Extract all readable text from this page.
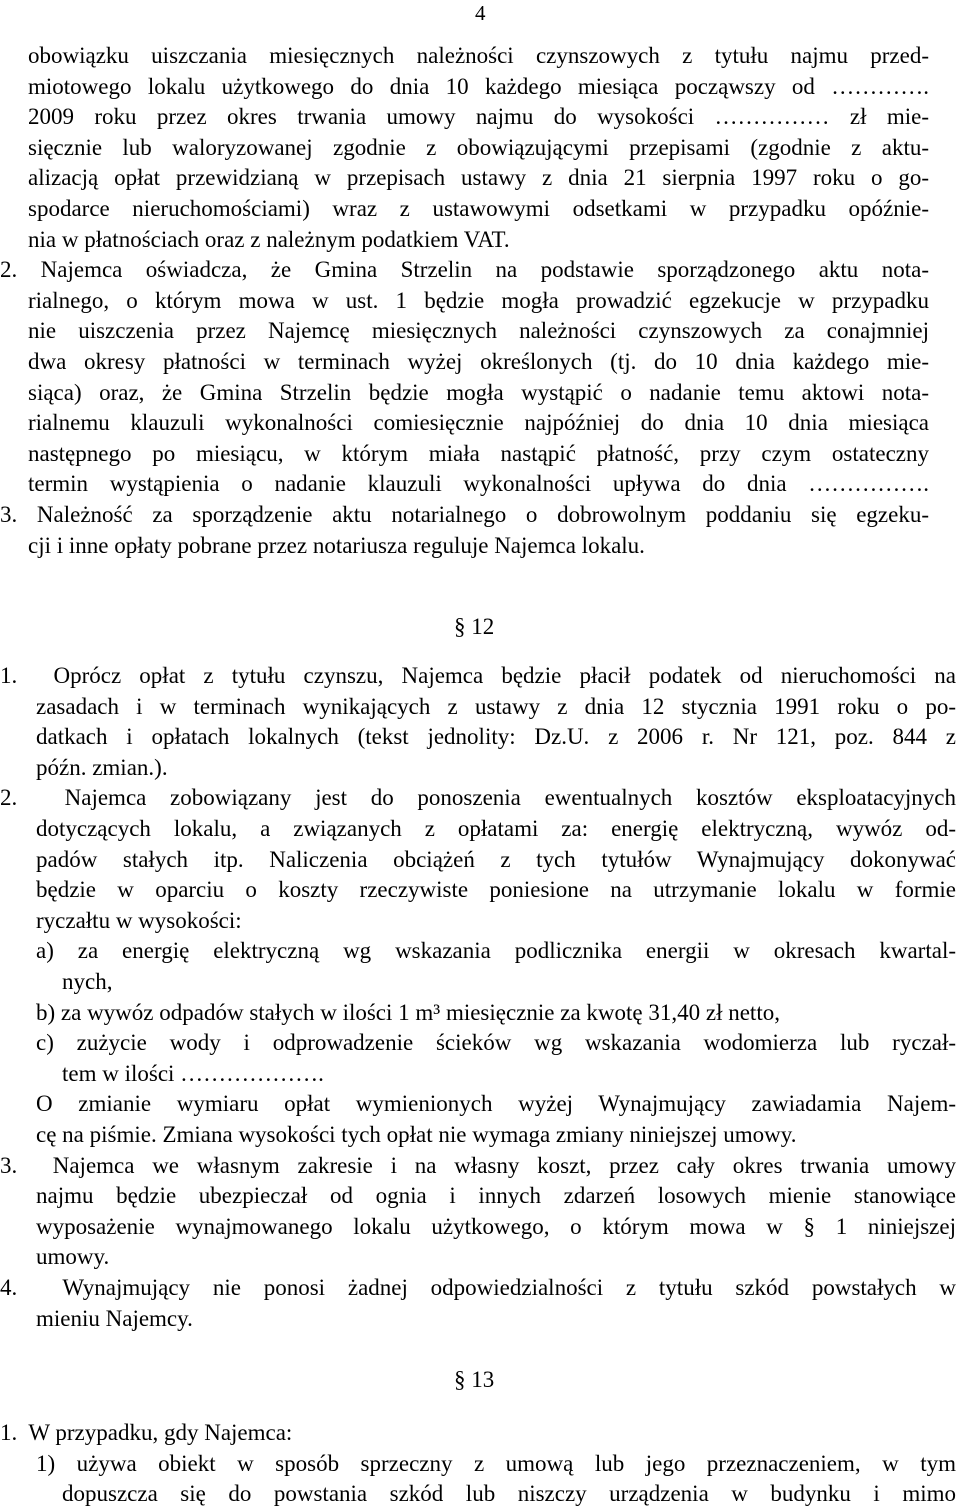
4
obowiązku uiszczania miesięcznych należności czynszowych z tytułu najmu przed-
miotowego lokalu użytkowego do dnia 10 każdego miesiąca począwszy od ………….
2009 roku przez okres trwania umowy najmu do wysokości …………… zł mie-
sięcznie lub waloryzowanej zgodnie z obowiązującymi przepisami (zgodnie z aktu-
alizacją opłat przewidzianą w przepisach ustawy z dnia 21 sierpnia 1997 roku o go-
spodarce nieruchomościami) wraz z ustawowymi odsetkami w przypadku opóźnie-
nia w płatnościach oraz z należnym podatkiem VAT.
2. Najemca oświadcza, że Gmina Strzelin na podstawie sporządzonego aktu nota-
rialnego, o którym mowa w ust. 1 będzie mogła prowadzić egzekucje w przypadku
nie uiszczenia przez Najemcę miesięcznych należności czynszowych za conajmniej
dwa okresy płatności w terminach wyżej określonych (tj. do 10 dnia każdego mie-
siąca) oraz, że Gmina Strzelin będzie mogła wystąpić o nadanie temu aktowi nota-
rialnemu klauzuli wykonalności comiesięcznie najpóźniej do dnia 10 dnia miesiąca
następnego po miesiącu, w którym miała nastąpić płatność, przy czym ostateczny
termin wystąpienia o nadanie klauzuli wykonalności upływa do dnia …………….
3. Należność za sporządzenie aktu notarialnego o dobrowolnym poddaniu się egzeku-
cji i inne opłaty pobrane przez notariusza reguluje Najemca lokalu.
§ 12
1.  Oprócz opłat z tytułu czynszu, Najemca będzie płacił podatek od nieruchomości na
zasadach i w terminach wynikających z ustawy z dnia 12 stycznia 1991 roku o po-
datkach i opłatach lokalnych (tekst jednolity: Dz.U. z 2006 r. Nr 121, poz. 844 z
późn. zmian.).
2.  Najemca zobowiązany jest do ponoszenia ewentualnych kosztów eksploatacyjnych
dotyczących lokalu, a związanych z opłatami za: energię elektryczną, wywóz od-
padów stałych itp. Naliczenia obciążeń z tych tytułów Wynajmujący dokonywać
będzie w oparciu o koszty rzeczywiste poniesione na utrzymanie lokalu w formie
ryczałtu w wysokości:
a) za energię elektryczną wg wskazania podlicznika energii w okresach kwartal-
nych,
b) za wywóz odpadów stałych w ilości 1 m³ miesięcznie za kwotę 31,40 zł netto,
c) zużycie wody i odprowadzenie ścieków wg wskazania wodomierza lub ryczał-
tem w ilości ……………….
O zmianie wymiaru opłat wymienionych wyżej Wynajmujący zawiadamia Najem-
cę na piśmie. Zmiana wysokości tych opłat nie wymaga zmiany niniejszej umowy.
3.  Najemca we własnym zakresie i na własny koszt, przez cały okres trwania umowy
najmu będzie ubezpieczał od ognia i innych zdarzeń losowych mienie stanowiące
wyposażenie wynajmowanego lokalu użytkowego, o którym mowa w § 1 niniejszej
umowy.
4.  Wynajmujący nie ponosi żadnej odpowiedzialności z tytułu szkód powstałych w
mieniu Najemcy.
§ 13
1.  W przypadku, gdy Najemca:
1) używa obiekt w sposób sprzeczny z umową lub jego przeznaczeniem, w tym
dopuszcza się do powstania szkód lub niszczy urządzenia w budynku i mimo
